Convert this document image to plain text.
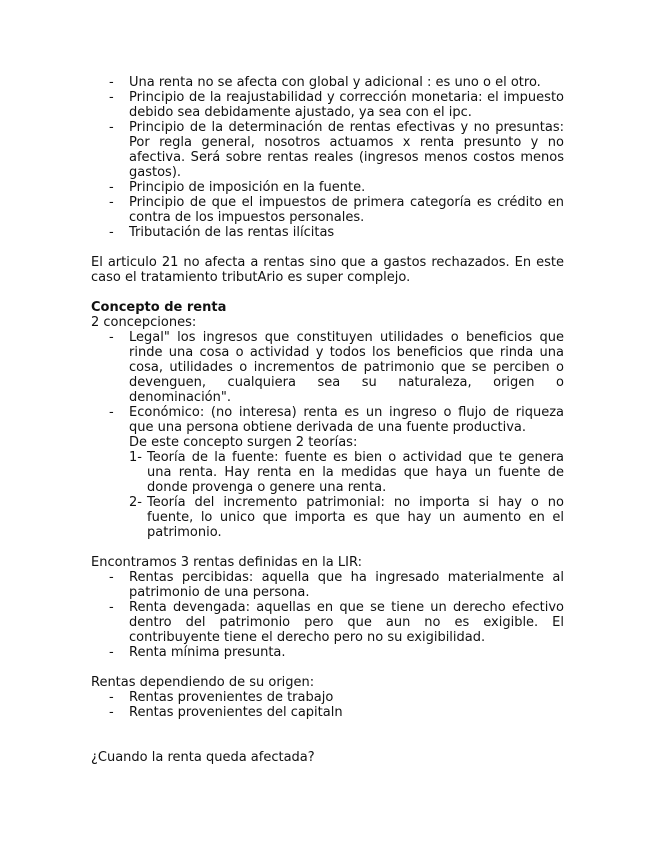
- Una renta no se afecta con global y adicional : es uno o el otro.
- Principio de la reajustabilidad y corrección monetaria: el impuesto debido sea debidamente ajustado, ya sea con el ipc.
- Principio de la determinación de rentas efectivas y no presuntas: Por regla general, nosotros actuamos x renta presunto y no afectiva. Será sobre rentas reales (ingresos menos costos menos gastos).
- Principio de imposición en la fuente.
- Principio de que el impuestos de primera categoría es crédito en contra de los impuestos personales.
- Tributación de las rentas ilícitas

El articulo 21 no afecta a rentas sino que a gastos rechazados. En este caso el tratamiento tributArio es super complejo.

Concepto de renta

2 concepciones:

- Legal" los ingresos que constituyen utilidades o beneficios que rinde una cosa o actividad y todos los beneficios que rinda una cosa, utilidades o incrementos de patrimonio que se perciben o devenguen, cualquiera sea su naturaleza, origen o denominación".
- Económico: (no interesa) renta es un ingreso o flujo de riqueza que una persona obtiene derivada de una fuente productiva.
De este concepto surgen 2 teorías:
1- Teoría de la fuente: fuente es bien o actividad que te genera una renta. Hay renta en la medidas que haya un fuente de donde provenga o genere una renta.
2- Teoría del incremento patrimonial: no importa si hay o no fuente, lo unico que importa es que hay un aumento en el patrimonio.

Encontramos 3 rentas definidas en la LIR:

- Rentas percibidas: aquella que ha ingresado materialmente al patrimonio de una persona.
- Renta devengada: aquellas en que se tiene un derecho efectivo dentro del patrimonio pero que aun no es exigible. El contribuyente tiene el derecho pero no su exigibilidad.
- Renta mínima presunta.

Rentas dependiendo de su origen:

- Rentas provenientes de trabajo
- Rentas provenientes del capitaln

¿Cuando la renta queda afectada?
